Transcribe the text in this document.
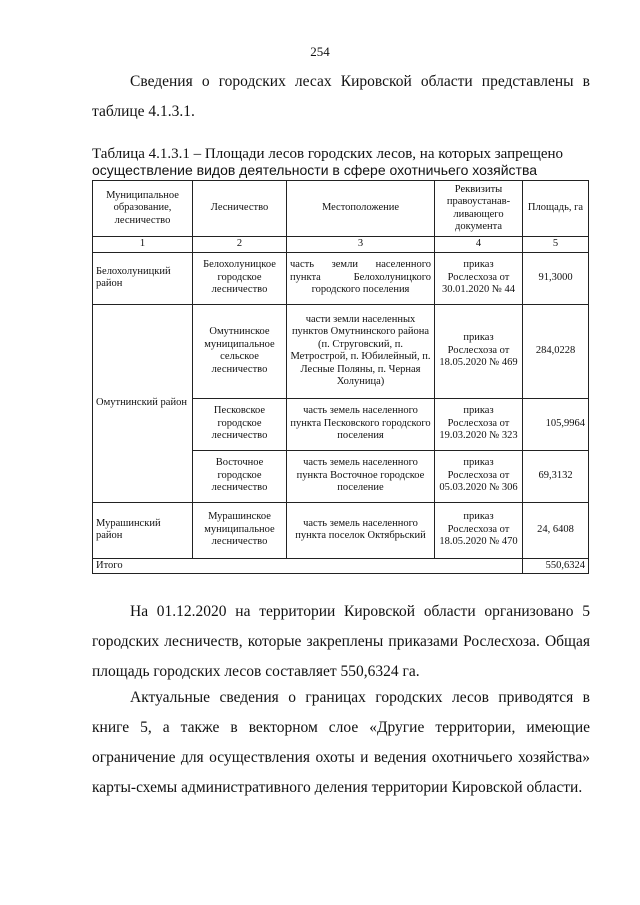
254

Сведения о городских лесах Кировской области представлены в таблице 4.1.3.1.

Таблица 4.1.3.1 – Площади лесов городских лесов, на которых запрещено

осуществление видов деятельности в сфере охотничьего хозяйства

Муниципальное образование, лесничество	Лесничество	Местоположение	Реквизиты правоустанав-ливающего документа	Площадь, га
1	2	3	4	5
Белохолуницкий район	Белохолуницкое городское лесничество	часть земли населенного пункта Белохолуницкого городского поселения	приказ Рослесхоза от 30.01.2020 № 44	91,3000
Омутнинский район	Омутнинское муниципальное сельское лесничество	части земли населенных пунктов Омутнинского района (п. Струговский, п. Метрострой, п. Юбилейный, п. Лесные Поляны, п. Черная Холуница)	приказ Рослесхоза от 18.05.2020 № 469	284,0228
	Песковское городское лесничество	часть земель населенного пункта Песковского городского поселения	приказ Рослесхоза от 19.03.2020 № 323	105,9964
	Восточное городское лесничество	часть земель населенного пункта Восточное городское поселение	приказ Рослесхоза от 05.03.2020 № 306	69,3132
Мурашинский район	Мурашинское муниципальное лесничество	часть земель населенного пункта поселок Октябрьский	приказ Рослесхоза от 18.05.2020 № 470	24, 6408
Итого				550,6324

На 01.12.2020 на территории Кировской области организовано 5 городских лесничеств, которые закреплены приказами Рослесхоза. Общая площадь городских лесов составляет 550,6324 га.

Актуальные сведения о границах городских лесов приводятся в книге 5, а также в векторном слое «Другие территории, имеющие ограничение для осуществления охоты и ведения охотничьего хозяйства» карты-схемы административного деления территории Кировской области.
